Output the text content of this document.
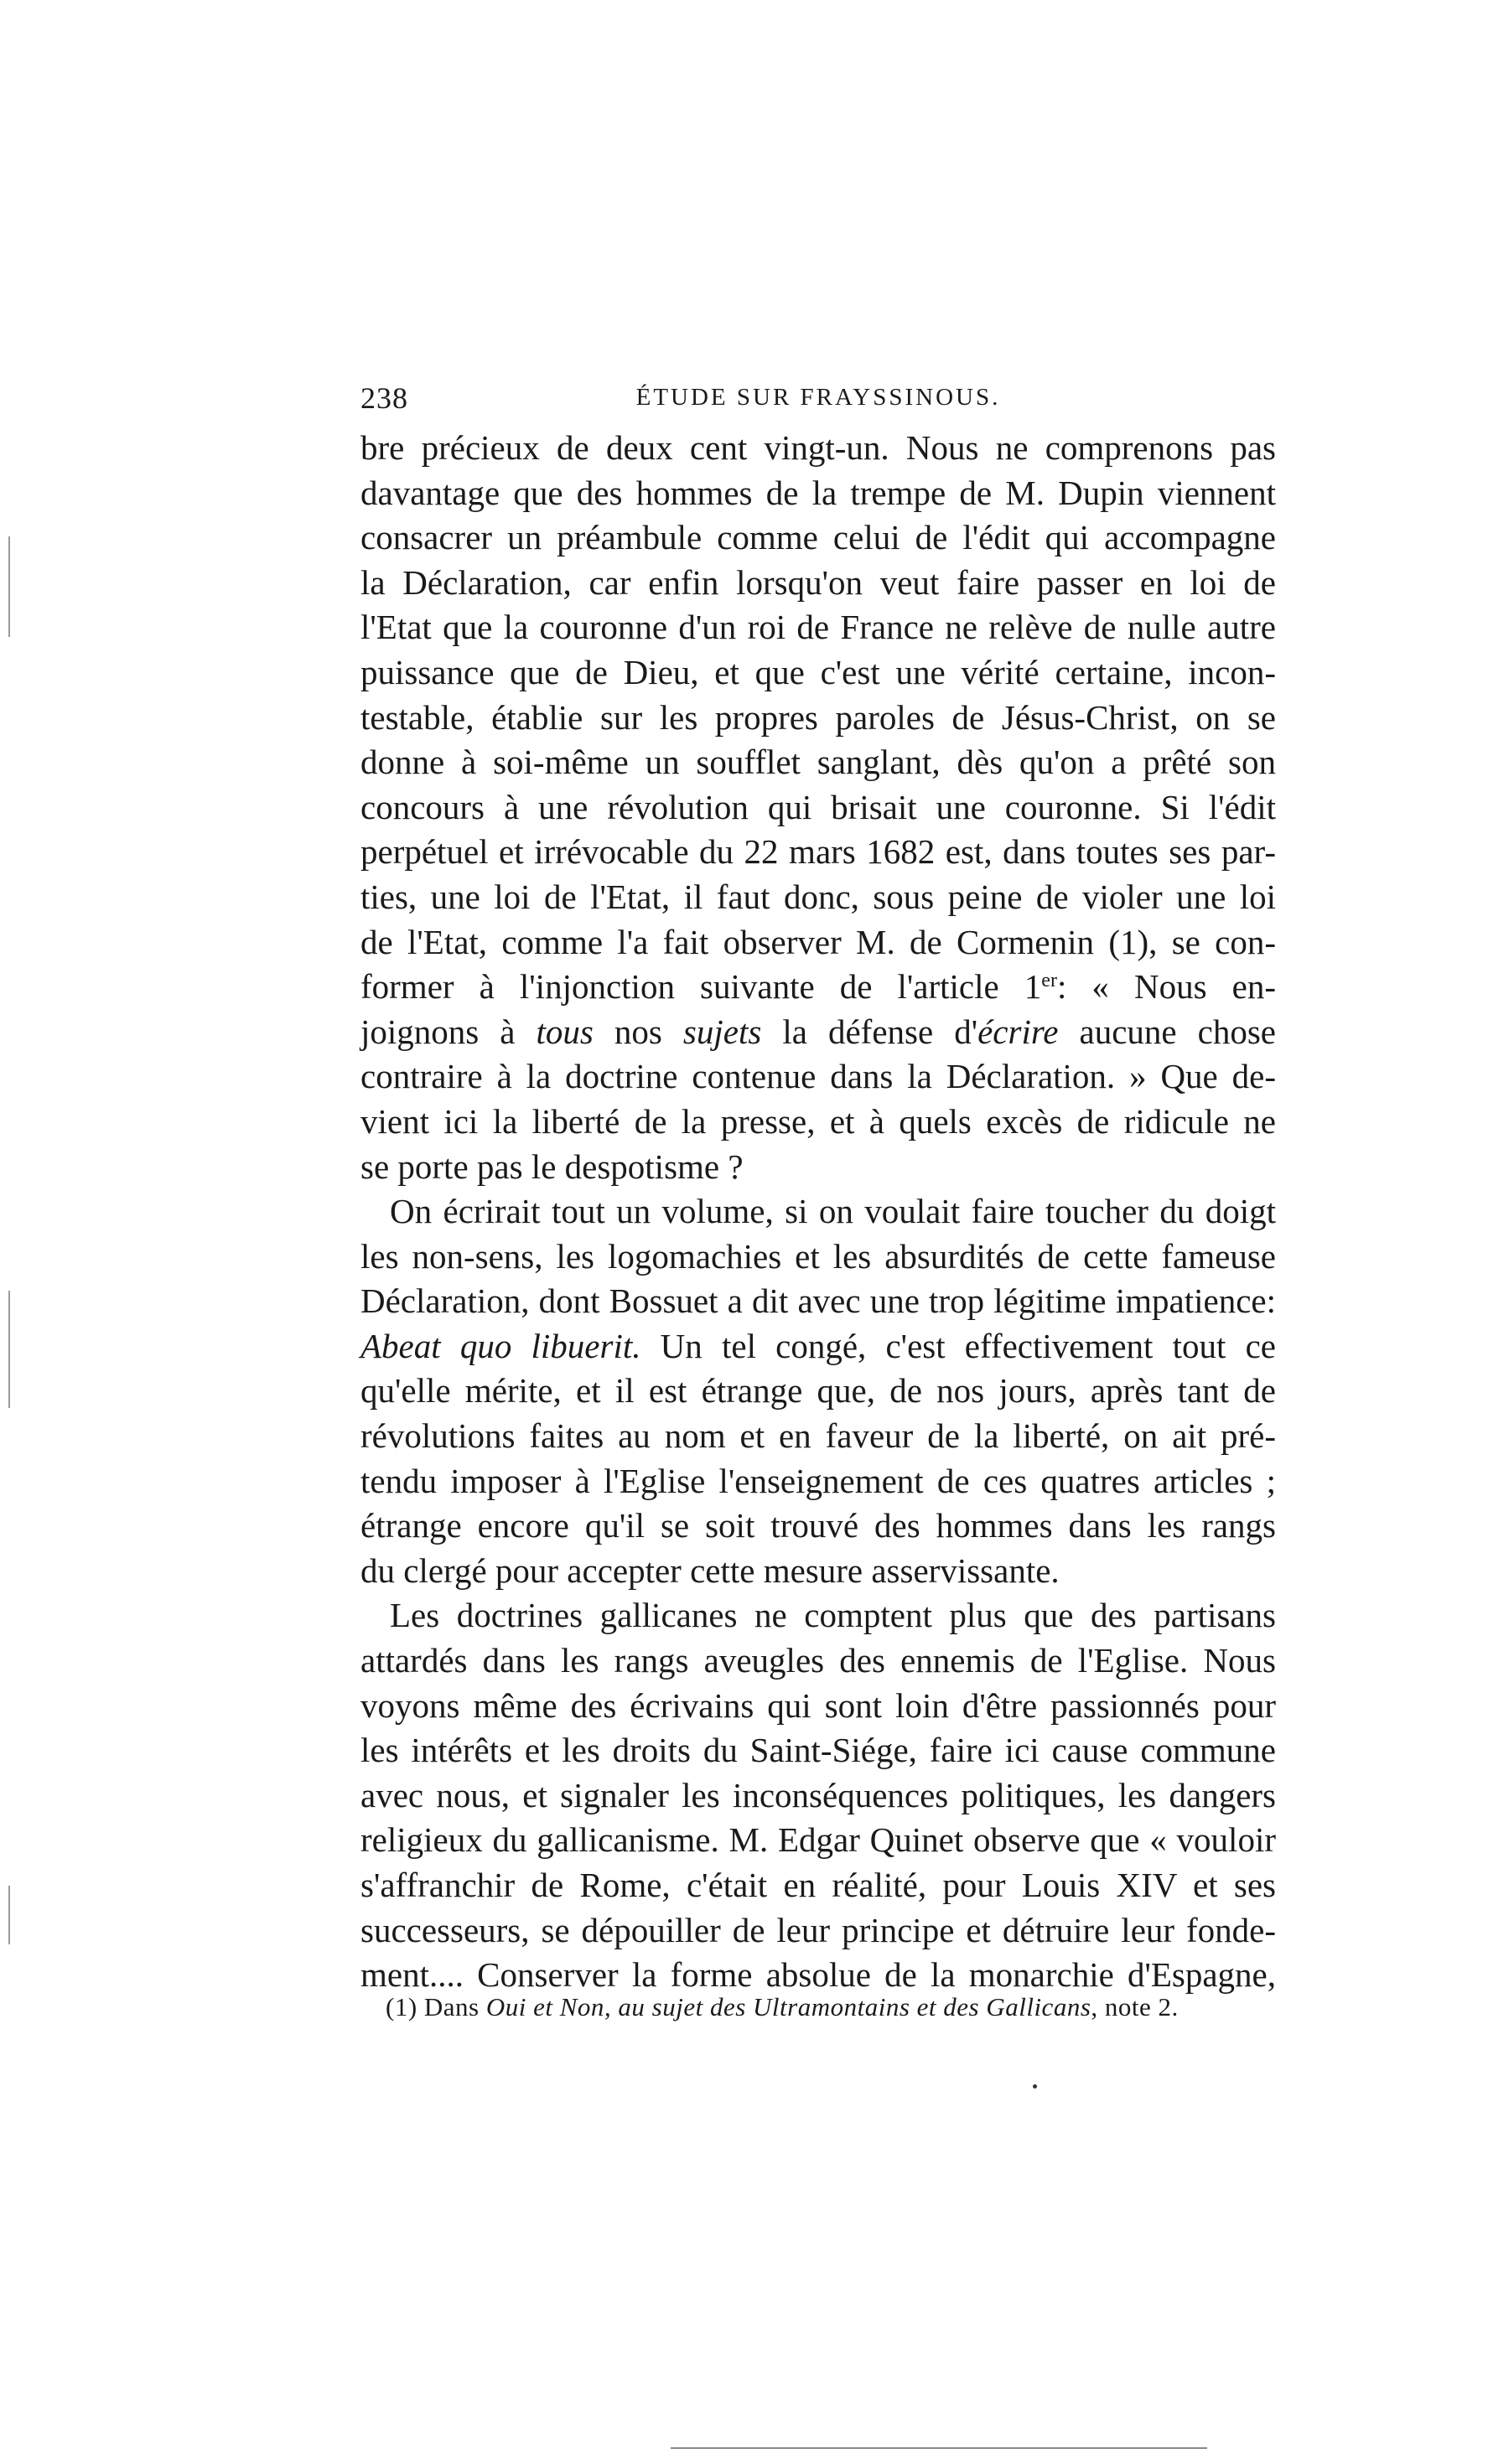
238	ÉTUDE SUR FRAYSSINOUS.
bre précieux de deux cent vingt-un. Nous ne comprenons pas
davantage que des hommes de la trempe de M. Dupin viennent
consacrer un préambule comme celui de l'édit qui accompagne
la Déclaration, car enfin lorsqu'on veut faire passer en loi de
l'Etat que la couronne d'un roi de France ne relève de nulle autre
puissance que de Dieu, et que c'est une vérité certaine, incon-
testable, établie sur les propres paroles de Jésus-Christ, on se
donne à soi-même un soufflet sanglant, dès qu'on a prêté son
concours à une révolution qui brisait une couronne. Si l'édit
perpétuel et irrévocable du 22 mars 1682 est, dans toutes ses par-
ties, une loi de l'Etat, il faut donc, sous peine de violer une loi
de l'Etat, comme l'a fait observer M. de Cormenin (1), se con-
former à l'injonction suivante de l'article 1er: « Nous en-
joignons à tous nos sujets la défense d'écrire aucune chose
contraire à la doctrine contenue dans la Déclaration. » Que de-
vient ici la liberté de la presse, et à quels excès de ridicule ne
se porte pas le despotisme ?
On écrirait tout un volume, si on voulait faire toucher du doigt
les non-sens, les logomachies et les absurdités de cette fameuse
Déclaration, dont Bossuet a dit avec une trop légitime impatience:
Abeat quo libuerit. Un tel congé, c'est effectivement tout ce
qu'elle mérite, et il est étrange que, de nos jours, après tant de
révolutions faites au nom et en faveur de la liberté, on ait pré-
tendu imposer à l'Eglise l'enseignement de ces quatres articles ;
étrange encore qu'il se soit trouvé des hommes dans les rangs
du clergé pour accepter cette mesure asservissante.
Les doctrines gallicanes ne comptent plus que des partisans
attardés dans les rangs aveugles des ennemis de l'Eglise. Nous
voyons même des écrivains qui sont loin d'être passionnés pour
les intérêts et les droits du Saint-Siége, faire ici cause commune
avec nous, et signaler les inconséquences politiques, les dangers
religieux du gallicanisme. M. Edgar Quinet observe que « vouloir
s'affranchir de Rome, c'était en réalité, pour Louis XIV et ses
successeurs, se dépouiller de leur principe et détruire leur fonde-
ment.... Conserver la forme absolue de la monarchie d'Espagne,
(1) Dans Oui et Non, au sujet des Ultramontains et des Gallicans, note 2.
